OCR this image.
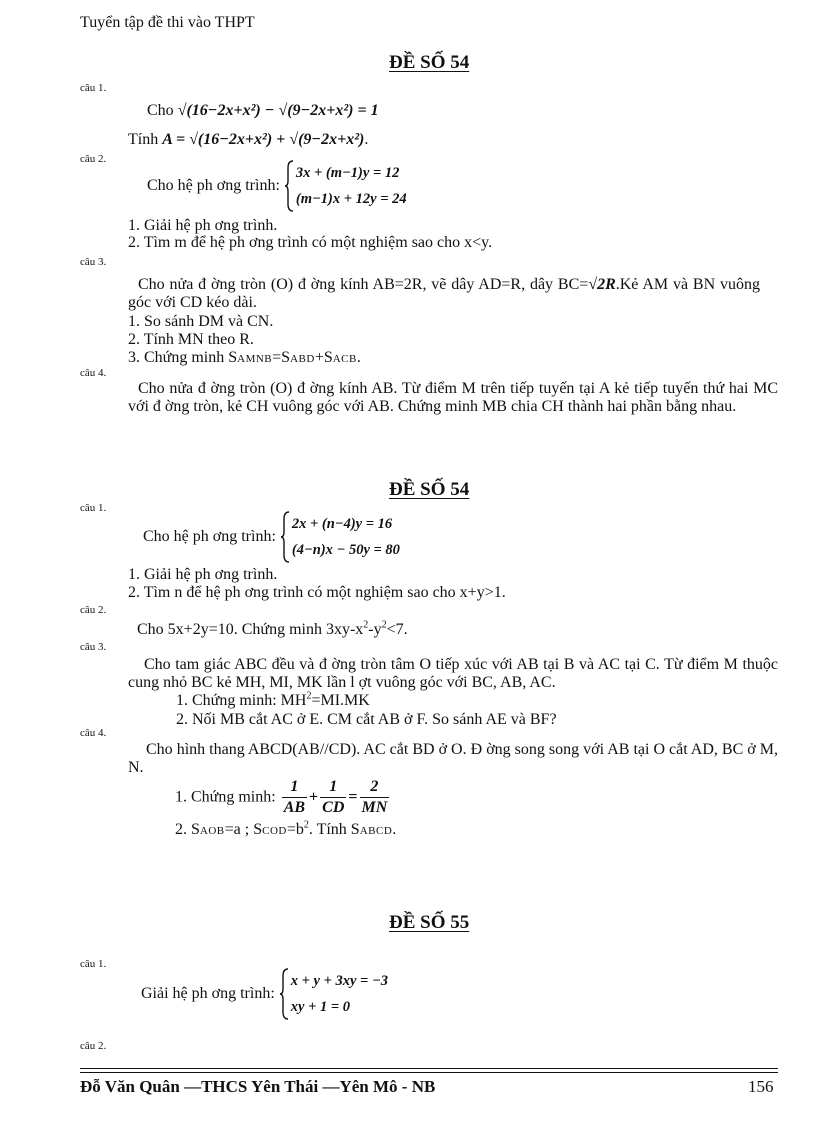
Tuyển tập đề thi vào THPT
ĐỀ SỐ 54
câu 1.
Cho √(16−2x+x²) − √(9−2x+x²) = 1
Tính A = √(16−2x+x²) + √(9−2x+x²).
câu 2.
Cho hệ ph ơng trình:
3x + (m−1)y = 12
(m−1)x + 12y = 24
1. Giải hệ ph ơng trình.
2. Tìm m để hệ ph ơng trình có một nghiệm sao cho x<y.
câu 3.
Cho nửa đ ờng tròn (O) đ ờng kính AB=2R, vẽ dây AD=R, dây BC=√2R.Kẻ AM và BN vuông góc với CD kéo dài.
1. So sánh DM và CN.
2. Tính MN theo R.
3. Chứng minh SAMNB=SABD+SACB.
câu 4.
Cho nửa đ ờng tròn (O) đ ờng kính AB. Từ điểm M trên tiếp tuyến tại A kẻ tiếp tuyến thứ hai MC với đ ờng tròn, kẻ CH vuông góc với AB. Chứng minh MB chia CH thành hai phần bằng nhau.
ĐỀ SỐ 54
câu 1.
Cho hệ ph ơng trình:
2x + (n−4)y = 16
(4−n)x − 50y = 80
1. Giải hệ ph ơng trình.
2. Tìm n để hệ ph ơng trình có một nghiệm sao cho x+y>1.
câu 2.
Cho 5x+2y=10. Chứng minh $3xy-x^2-y^2<7$.
câu 3.
Cho tam giác ABC đều và đ ờng tròn tâm O tiếp xúc với AB tại B và AC tại C. Từ điểm M thuộc cung nhỏ BC kẻ MH, MI, MK lần l ợt vuông góc với BC, AB, AC.
1. Chứng minh: $MH^2=MI.MK$
2. Nối MB cắt AC ở E. CM cắt AB ở F. So sánh AE và BF?
câu 4.
Cho hình thang ABCD(AB//CD). AC cắt BD ở O. Đ ờng song song với AB tại O cắt AD, BC ở M, N.
1. Chứng minh: $\frac{1}{AB} + \frac{1}{CD} = \frac{2}{MN}$
2. SAOB=a ; $SCOD=b^2$. Tính SABCD.
ĐỀ SỐ 55
câu 1.
Giải hệ ph ơng trình:
x + y + 3xy = −3
xy + 1 = 0
câu 2.
Đỗ Văn Quân —THCS Yên Thái —Yên Mô - NB	156
